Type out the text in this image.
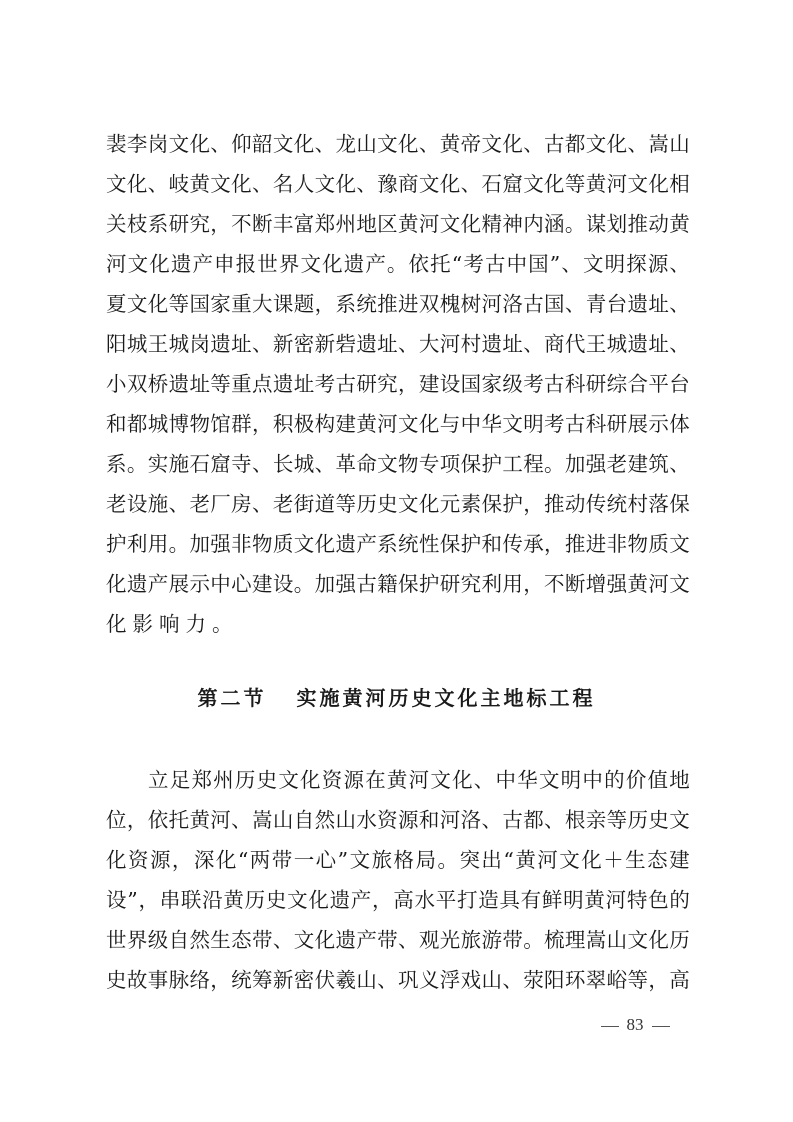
裴 李 岗 文 化 、 仰 韶 文 化 、 龙 山 文 化 、 黄 帝 文 化 、 古 都 文 化 、 嵩 山
文 化 、 岐 黄 文 化 、 名 人 文 化 、 豫 商 文 化 、 石 窟 文 化 等 黄 河 文 化 相
关 枝 系 研 究 ， 不 断 丰 富 郑 州 地 区 黄 河 文 化 精 神 内 涵 。 谋 划 推 动 黄
河 文 化 遗 产 申 报 世 界 文 化 遗 产 。 依 托 “ 考 古 中 国 ” 、 文 明 探 源 、
夏 文 化 等 国 家 重 大 课 题 ， 系 统 推 进 双 槐 树 河 洛 古 国 、 青 台 遗 址 、
阳 城 王 城 岗 遗 址 、 新 密 新 砦 遗 址 、 大 河 村 遗 址 、 商 代 王 城 遗 址 、
小 双 桥 遗 址 等 重 点 遗 址 考 古 研 究 ， 建 设 国 家 级 考 古 科 研 综 合 平 台
和 都 城 博 物 馆 群 ， 积 极 构 建 黄 河 文 化 与 中 华 文 明 考 古 科 研 展 示 体
系 。 实 施 石 窟 寺 、 长 城 、 革 命 文 物 专 项 保 护 工 程 。 加 强 老 建 筑 、
老 设 施 、 老 厂 房 、 老 街 道 等 历 史 文 化 元 素 保 护 ， 推 动 传 统 村 落 保
护 利 用 。 加 强 非 物 质 文 化 遗 产 系 统 性 保 护 和 传 承 ， 推 进 非 物 质 文
化 遗 产 展 示 中 心 建 设 。 加 强 古 籍 保 护 研 究 利 用 ， 不 断 增 强 黄 河 文
化影响力。
第二节 实施黄河历史文化主地标工程
立 足 郑 州 历 史 文 化 资 源 在 黄 河 文 化 、 中 华 文 明 中 的 价 值 地
位 ， 依 托 黄 河 、 嵩 山 自 然 山 水 资 源 和 河 洛 、 古 都 、 根 亲 等 历 史 文
化 资 源 ， 深 化 “ 两 带 一 心 ” 文 旅 格 局 。 突 出 “ 黄 河 文 化 ＋ 生 态 建
设 ” ， 串 联 沿 黄 历 史 文 化 遗 产 ， 高 水 平 打 造 具 有 鲜 明 黄 河 特 色 的
世 界 级 自 然 生 态 带 、 文 化 遗 产 带 、 观 光 旅 游 带 。 梳 理 嵩 山 文 化 历
史 故 事 脉 络 ， 统 筹 新 密 伏 羲 山 、 巩 义 浮 戏 山 、 荥 阳 环 翠 峪 等 ， 高
83
